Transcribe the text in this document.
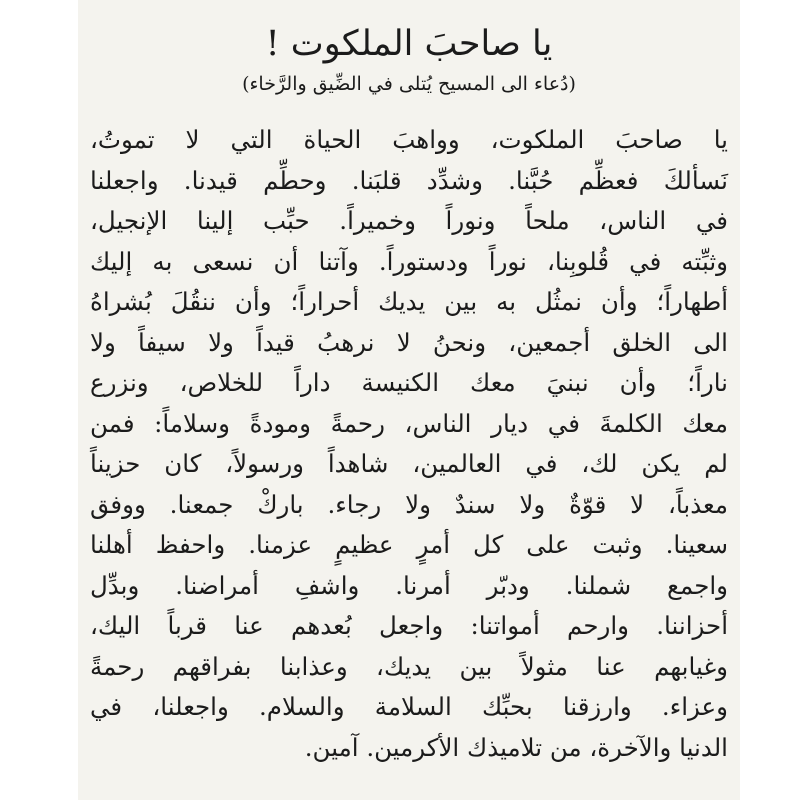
يا صاحبَ الملكوت !
(دُعاء الى المسيح يُتلى في الضِّيق والرَّخاء)
يا صاحبَ الملكوت، وواهبَ الحياة التي لا تموتُ،
نَسألكَ فعظِّم حُبَّنا. وشدِّد قلبَنا. وحطِّم قيدنا. واجعلنا
في الناس، ملحاً ونوراً وخميراً. حبِّب إلينا الإنجيل،
وثبِّته في قُلوبِنا، نوراً ودستوراً. وآتنا أن نسعى به إليك
أطهاراً؛ وأن نمثُل به بين يديك أحراراً؛ وأن ننقُلَ بُشراهُ
الى الخلق أجمعين، ونحنُ لا نرهبُ قيداً ولا سيفاً ولا
ناراً؛ وأن نبنيَ معك الكنيسة داراً للخلاص، ونزرع
معك الكلمةَ في ديار الناس، رحمةً ومودةً وسلاماً: فمن
لم يكن لك، في العالمين، شاهداً ورسولاً، كان حزيناً
معذباً، لا قوّةٌ ولا سندٌ ولا رجاء. باركْ جمعنا. ووفق
سعينا. وثبت على كل أمرٍ عظيمٍ عزمنا. واحفظ أهلنا
واجمع شملنا. ودبّر أمرنا. واشفِ أمراضنا. وبدِّل
أحزاننا. وارحم أمواتنا: واجعل بُعدهم عنا قرباً اليك،
وغيابهم عنا مثولاً بين يديك، وعذابنا بفراقهم رحمةً
وعزاء. وارزقنا بحبِّك السلامة والسلام. واجعلنا، في
الدنيا والآخرة، من تلاميذك الأكرمين. آمين.
